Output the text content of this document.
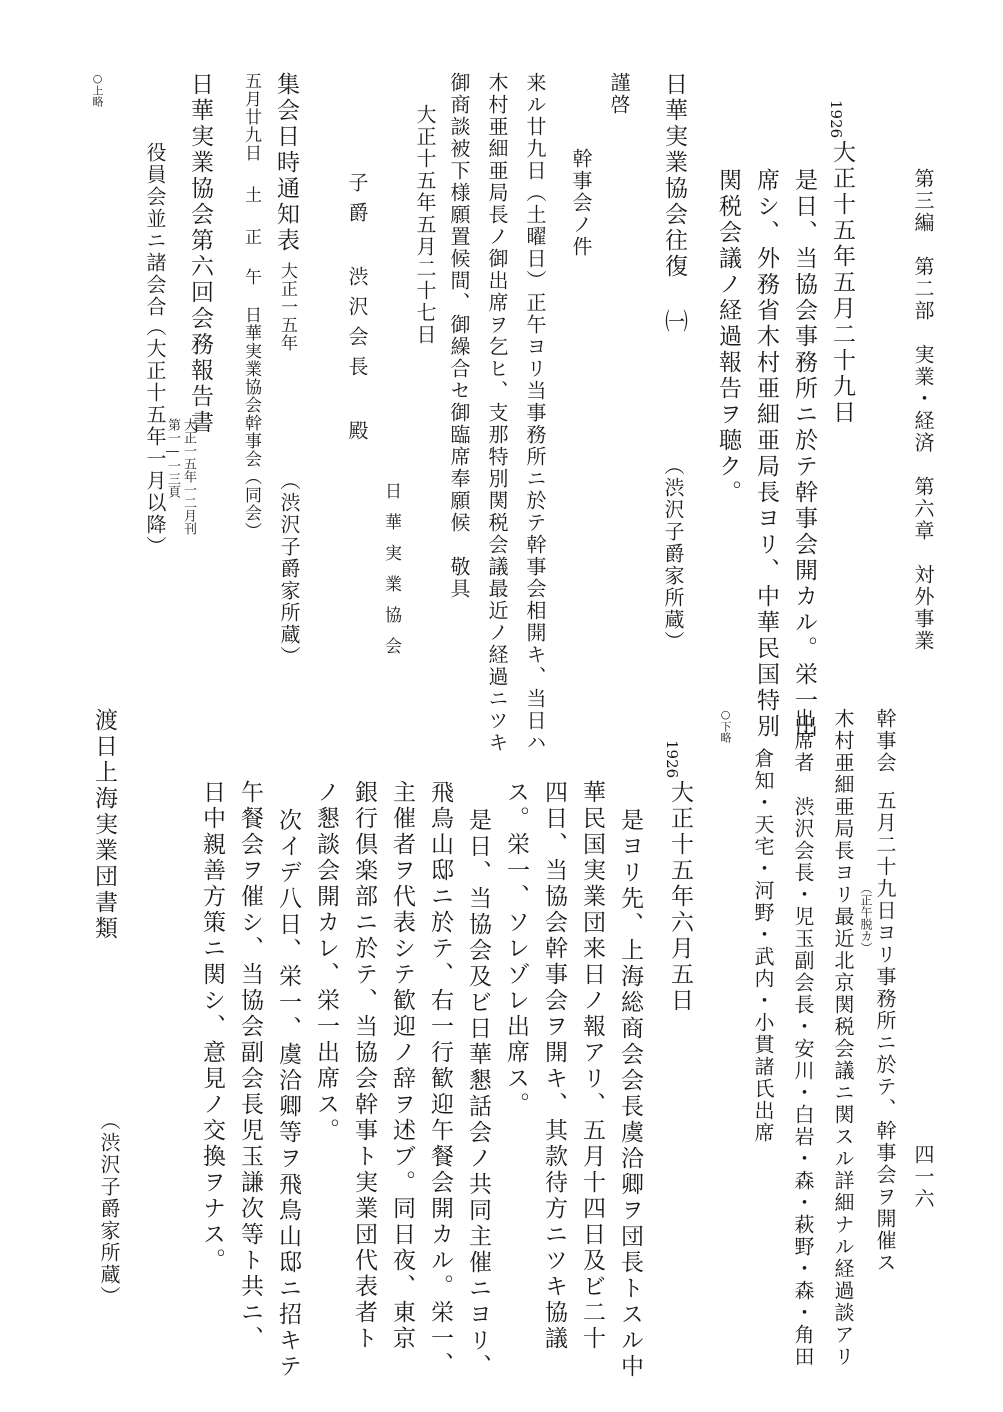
第三編　第二部　実業・経済　第六章　対外事業
四一六
1926
大正十五年五月二十九日
是日、当協会事務所ニ於テ幹事会開カル。栄一出
席シ、外務省木村亜細亜局長ヨリ、中華民国特別
関税会議ノ経過報告ヲ聴ク。
日華実業協会往復 ㈠
（渋沢子爵家所蔵）
謹啓
幹事会ノ件
来ル廿九日（土曜日）正午ヨリ当事務所ニ於テ幹事会相開キ、当日ハ
木村亜細亜局長ノ御出席ヲ乞ヒ、支那特別関税会議最近ノ経過ニツキ
御商談被下様願置候間、御繰合セ御臨席奉願候　敬具
大正十五年五月二十七日
日華実業協会
子爵 渋沢会長 殿
集会日時通知表
大正一五年
（渋沢子爵家所蔵）
五月廿九日
土
正
午
日華実業協会幹事会（同会）
日華実業協会第六回会務報告書
第一―一三頁 大正一五年一二月刊
役員会並ニ諸会合
（大正十五年一月以降）
○上略
幹事会
五月二十九日ヨリ事務所ニ於テ、幹事会ヲ開催ス
（正午脱カ）
木村亜細亜局長ヨリ最近北京関税会議ニ関スル詳細ナル経過談アリ
出席者　渋沢会長・児玉副会長・安川・白岩・森・萩野・森・角田
倉知・天宅・河野・武内・小貫諸氏出席
○下略
1926
大正十五年六月五日
是ヨリ先、上海総商会会長虞洽卿ヲ団長トスル中
華民国実業団来日ノ報アリ、五月十四日及ビ二十
四日、当協会幹事会ヲ開キ、其款待方ニツキ協議
ス。栄一、ソレゾレ出席ス。
是日、当協会及ビ日華懇話会ノ共同主催ニヨリ、
飛鳥山邸ニ於テ、右一行歓迎午餐会開カル。栄一、
主催者ヲ代表シテ歓迎ノ辞ヲ述ブ。同日夜、東京
銀行倶楽部ニ於テ、当協会幹事ト実業団代表者ト
ノ懇談会開カレ、栄一出席ス。
次イデ八日、栄一、虞洽卿等ヲ飛鳥山邸ニ招キテ
午餐会ヲ催シ、当協会副会長児玉謙次等ト共ニ、
日中親善方策ニ関シ、意見ノ交換ヲナス。
渡日上海実業団書類
（渋沢子爵家所蔵）
